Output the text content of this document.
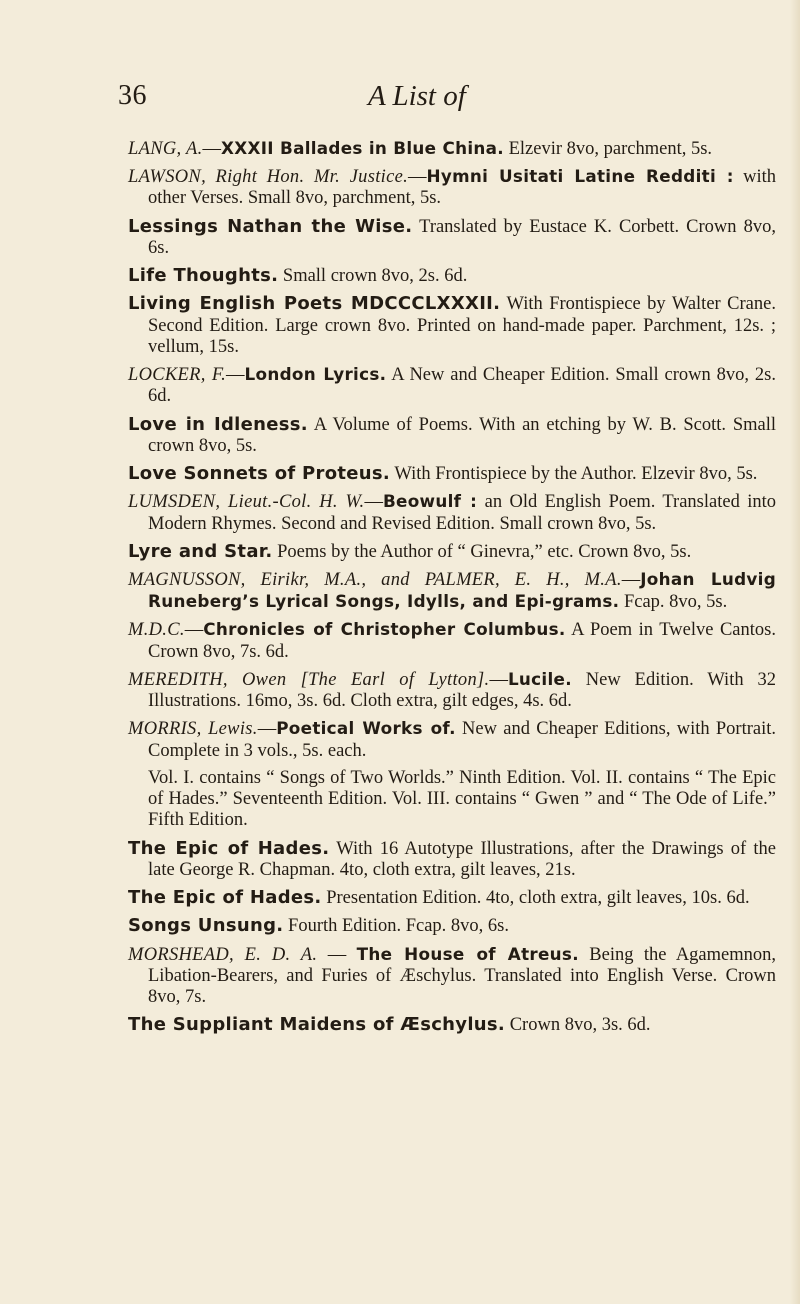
36	A List of

LANG, A.—XXXII Ballades in Blue China. Elzevir 8vo, parchment, 5s.

LAWSON, Right Hon. Mr. Justice.—Hymni Usitati Latine Redditi : with other Verses. Small 8vo, parchment, 5s.

Lessings Nathan the Wise. Translated by Eustace K. Corbett. Crown 8vo, 6s.

Life Thoughts. Small crown 8vo, 2s. 6d.

Living English Poets MDCCCLXXXII. With Frontispiece by Walter Crane. Second Edition. Large crown 8vo. Printed on hand-made paper. Parchment, 12s. ; vellum, 15s.

LOCKER, F.—London Lyrics. A New and Cheaper Edition. Small crown 8vo, 2s. 6d.

Love in Idleness. A Volume of Poems. With an etching by W. B. Scott. Small crown 8vo, 5s.

Love Sonnets of Proteus. With Frontispiece by the Author. Elzevir 8vo, 5s.

LUMSDEN, Lieut.-Col. H. W.—Beowulf : an Old English Poem. Translated into Modern Rhymes. Second and Revised Edition. Small crown 8vo, 5s.

Lyre and Star. Poems by the Author of “ Ginevra,” etc. Crown 8vo, 5s.

MAGNUSSON, Eirikr, M.A., and PALMER, E. H., M.A.—Johan Ludvig Runeberg’s Lyrical Songs, Idylls, and Epi-grams. Fcap. 8vo, 5s.

M.D.C.—Chronicles of Christopher Columbus. A Poem in Twelve Cantos. Crown 8vo, 7s. 6d.

MEREDITH, Owen [The Earl of Lytton].—Lucile. New Edition. With 32 Illustrations. 16mo, 3s. 6d. Cloth extra, gilt edges, 4s. 6d.

MORRIS, Lewis.—Poetical Works of. New and Cheaper Editions, with Portrait. Complete in 3 vols., 5s. each.

Vol. I. contains “ Songs of Two Worlds.” Ninth Edition. Vol. II. contains “ The Epic of Hades.” Seventeenth Edition. Vol. III. contains “ Gwen ” and “ The Ode of Life.” Fifth Edition.

The Epic of Hades. With 16 Autotype Illustrations, after the Drawings of the late George R. Chapman. 4to, cloth extra, gilt leaves, 21s.

The Epic of Hades. Presentation Edition. 4to, cloth extra, gilt leaves, 10s. 6d.

Songs Unsung. Fourth Edition. Fcap. 8vo, 6s.

MORSHEAD, E. D. A. — The House of Atreus. Being the Agamemnon, Libation-Bearers, and Furies of Æschylus. Translated into English Verse. Crown 8vo, 7s.

The Suppliant Maidens of Æschylus. Crown 8vo, 3s. 6d.
